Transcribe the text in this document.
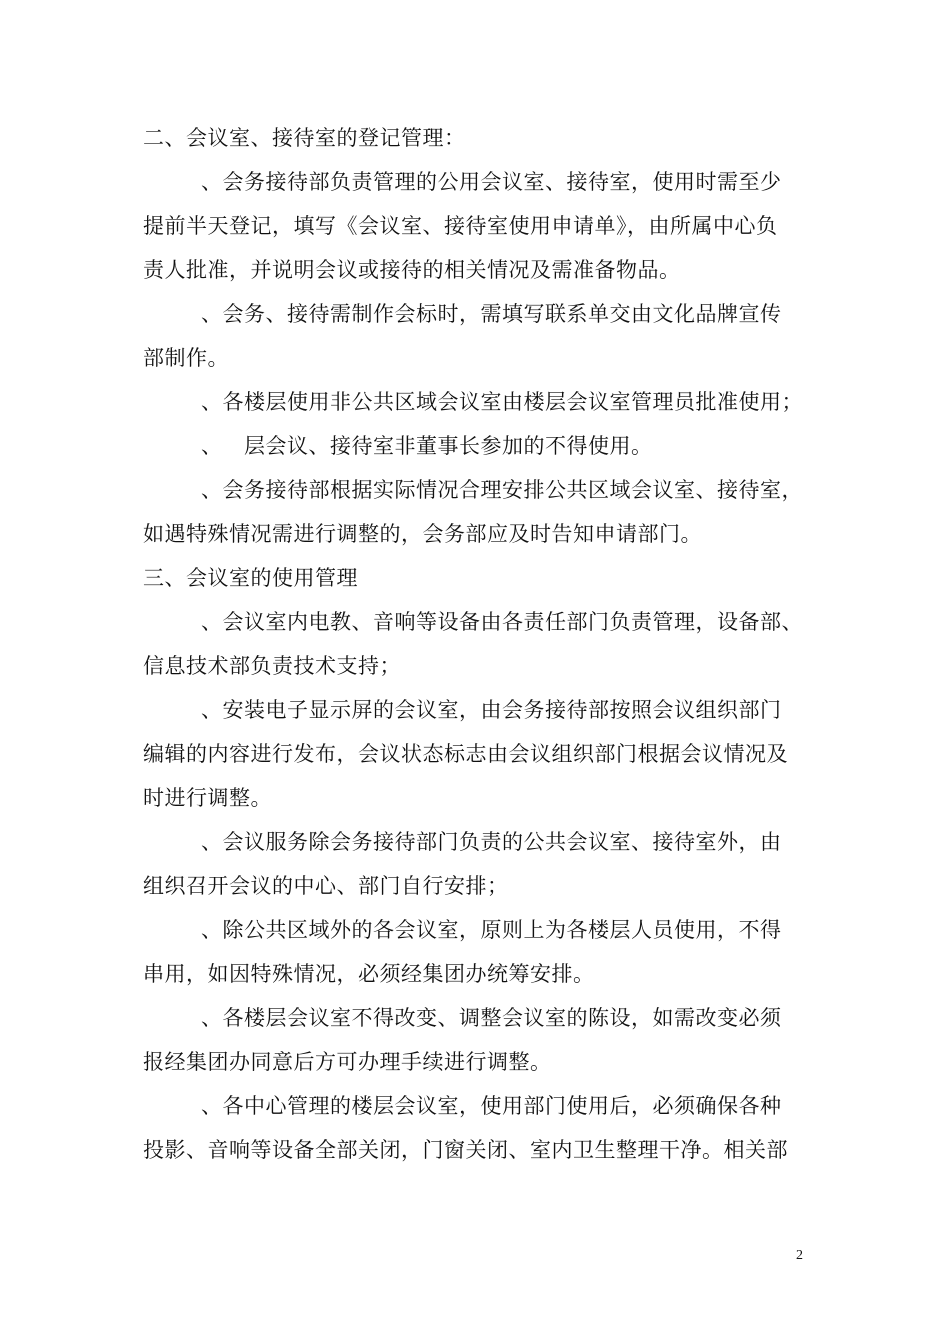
二、会议室、接待室的登记管理：
、会务接待部负责管理的公用会议室、接待室，使用时需至少
提前半天登记，填写《会议室、接待室使用申请单》，由所属中心负
责人批准，并说明会议或接待的相关情况及需准备物品。
、会务、接待需制作会标时，需填写联系单交由文化品牌宣传
部制作。
、各楼层使用非公共区域会议室由楼层会议室管理员批准使用；
、   层会议、接待室非董事长参加的不得使用。
、会务接待部根据实际情况合理安排公共区域会议室、接待室，
如遇特殊情况需进行调整的，会务部应及时告知申请部门。
三、会议室的使用管理
、会议室内电教、音响等设备由各责任部门负责管理，设备部、
信息技术部负责技术支持；
、安装电子显示屏的会议室，由会务接待部按照会议组织部门
编辑的内容进行发布，会议状态标志由会议组织部门根据会议情况及
时进行调整。
、会议服务除会务接待部门负责的公共会议室、接待室外，由
组织召开会议的中心、部门自行安排；
、除公共区域外的各会议室，原则上为各楼层人员使用，不得
串用，如因特殊情况，必须经集团办统筹安排。
、各楼层会议室不得改变、调整会议室的陈设，如需改变必须
报经集团办同意后方可办理手续进行调整。
、各中心管理的楼层会议室，使用部门使用后，必须确保各种
投影、音响等设备全部关闭，门窗关闭、室内卫生整理干净。相关部
2
